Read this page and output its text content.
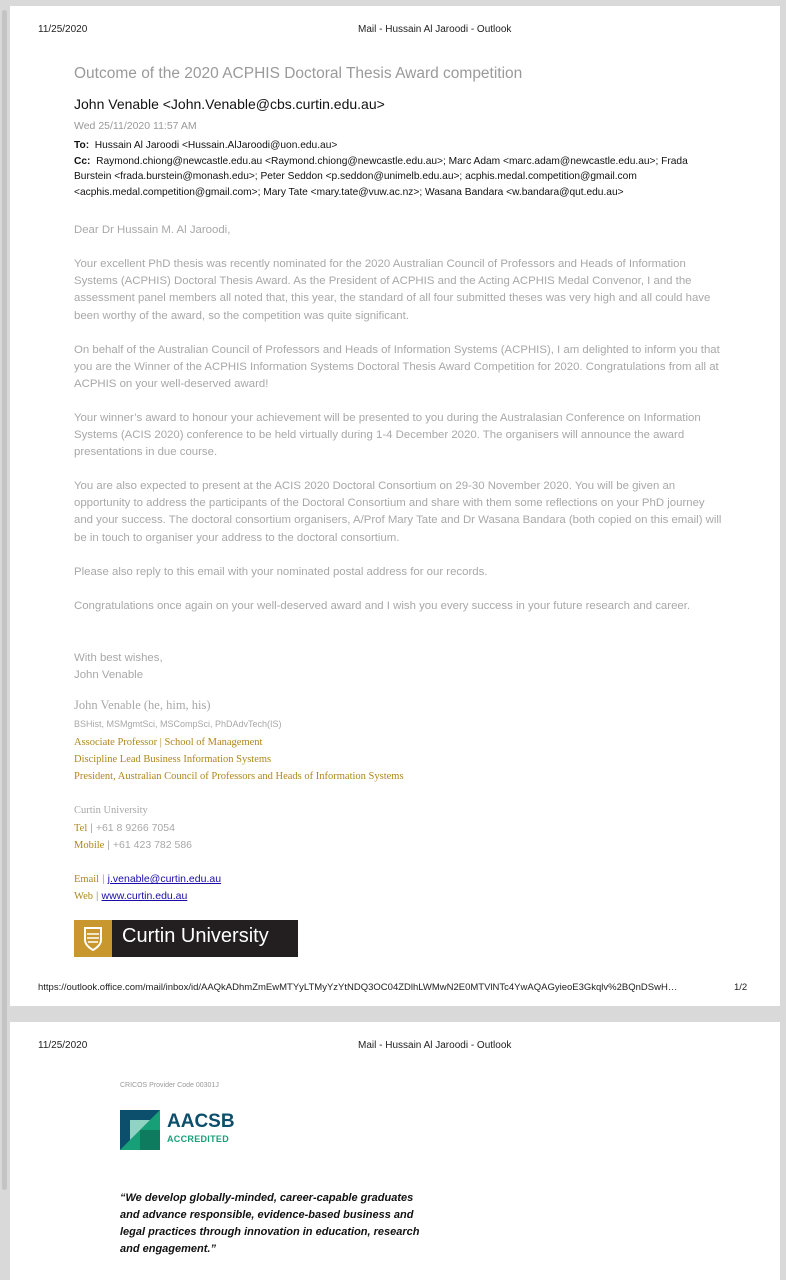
11/25/2020	Mail - Hussain Al Jaroodi - Outlook
Outcome of the 2020 ACPHIS Doctoral Thesis Award competition
John Venable <John.Venable@cbs.curtin.edu.au>
Wed 25/11/2020 11:57 AM
To: Hussain Al Jaroodi <Hussain.AlJaroodi@uon.edu.au>
Cc: Raymond.chiong@newcastle.edu.au <Raymond.chiong@newcastle.edu.au>; Marc Adam <marc.adam@newcastle.edu.au>; Frada Burstein <frada.burstein@monash.edu>; Peter Seddon <p.seddon@unimelb.edu.au>; acphis.medal.competition@gmail.com <acphis.medal.competition@gmail.com>; Mary Tate <mary.tate@vuw.ac.nz>; Wasana Bandara <w.bandara@qut.edu.au>
Dear Dr Hussain M. Al Jaroodi,
Your excellent PhD thesis was recently nominated for the 2020 Australian Council of Professors and Heads of Information Systems (ACPHIS) Doctoral Thesis Award. As the President of ACPHIS and the Acting ACPHIS Medal Convenor, I and the assessment panel members all noted that, this year, the standard of all four submitted theses was very high and all could have been worthy of the award, so the competition was quite significant.
On behalf of the Australian Council of Professors and Heads of Information Systems (ACPHIS), I am delighted to inform you that you are the Winner of the ACPHIS Information Systems Doctoral Thesis Award Competition for 2020. Congratulations from all at ACPHIS on your well-deserved award!
Your winner’s award to honour your achievement will be presented to you during the Australasian Conference on Information Systems (ACIS 2020) conference to be held virtually during 1-4 December 2020. The organisers will announce the award presentations in due course.
You are also expected to present at the ACIS 2020 Doctoral Consortium on 29-30 November 2020. You will be given an opportunity to address the participants of the Doctoral Consortium and share with them some reflections on your PhD journey and your success. The doctoral consortium organisers, A/Prof Mary Tate and Dr Wasana Bandara (both copied on this email) will be in touch to organiser your address to the doctoral consortium.
Please also reply to this email with your nominated postal address for our records.
Congratulations once again on your well-deserved award and I wish you every success in your future research and career.
With best wishes,
John Venable
John Venable (he, him, his)
BSHist, MSMgmtSci, MSCompSci, PhDAdvTech(IS)
Associate Professor | School of Management
Discipline Lead Business Information Systems
President, Australian Council of Professors and Heads of Information Systems
Curtin University
Tel | +61 8 9266 7054
Mobile | +61 423 782 586
Email | j.venable@curtin.edu.au
Web | www.curtin.edu.au
Curtin University
https://outlook.office.com/mail/inbox/id/AAQkADhmZmEwMTYyLTMyYzYtNDQ3OC04ZDlhLWMwN2E0MTVlNTc4YwAQAGyieoE3Gkqlv%2BQnDSwH…	1/2
11/25/2020	Mail - Hussain Al Jaroodi - Outlook
CRICOS Provider Code 00301J
AACSB
ACCREDITED
“We develop globally-minded, career-capable graduates and advance responsible, evidence-based business and legal practices through innovation in education, research and engagement.”
